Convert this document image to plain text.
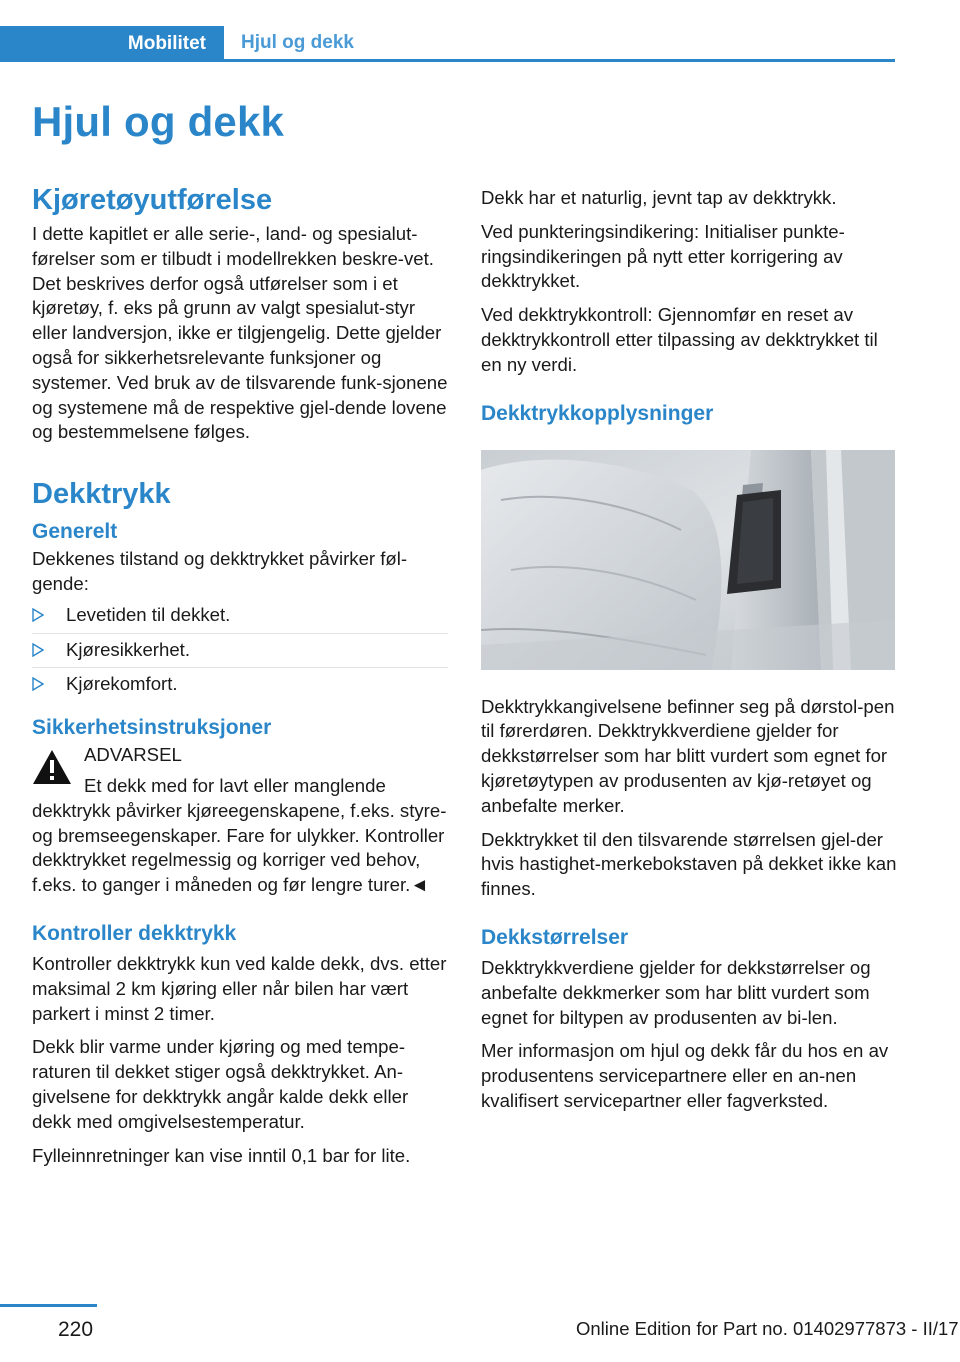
Mobilitet Hjul og dekk
Hjul og dekk
Kjøretøyutførelse

I dette kapitlet er alle serie-, land- og spesialut-førelser som er tilbudt i modellrekken beskre-vet. Det beskrives derfor også utførelser som i et kjøretøy, f. eks på grunn av valgt spesialut-styr eller landversjon, ikke er tilgjengelig. Dette gjelder også for sikkerhetsrelevante funksjoner og systemer. Ved bruk av de tilsvarende funk-sjonene og systemene må de respektive gjel-dende lovene og bestemmelsene følges.

Dekktrykk
Generelt

Dekkenes tilstand og dekktrykket påvirker føl-gende:

Levetiden til dekket.
Kjøresikkerhet.
Kjørekomfort.
Sikkerhetsinstruksjoner

ADVARSEL

Et dekk med for lavt eller manglende dekktrykk påvirker kjøreegenskapene, f.eks. styre- og bremseegenskaper. Fare for ulykker. Kontroller dekktrykket regelmessig og korriger ved behov, f.eks. to ganger i måneden og før lengre turer.◄

Kontroller dekktrykk

Kontroller dekktrykk kun ved kalde dekk, dvs. etter maksimal 2 km kjøring eller når bilen har vært parkert i minst 2 timer.

Dekk blir varme under kjøring og med tempe-raturen til dekket stiger også dekktrykket. An-givelsene for dekktrykk angår kalde dekk eller dekk med omgivelsestemperatur.

Fylleinnretninger kan vise inntil 0,1 bar for lite.

Dekk har et naturlig, jevnt tap av dekktrykk.

Ved punkteringsindikering: Initialiser punkte-ringsindikeringen på nytt etter korrigering av dekktrykket.

Ved dekktrykkontroll: Gjennomfør en reset av dekktrykkontroll etter tilpassing av dekktrykket til en ny verdi.

Dekktrykkopplysninger

Dekktrykkangivelsene befinner seg på dørstol-pen til førerdøren. Dekktrykkverdiene gjelder for dekkstørrelser som har blitt vurdert som egnet for kjøretøytypen av produsenten av kjø-retøyet og anbefalte merker.

Dekktrykket til den tilsvarende størrelsen gjel-der hvis hastighet-merkebokstaven på dekket ikke kan finnes.

Dekkstørrelser

Dekktrykkverdiene gjelder for dekkstørrelser og anbefalte dekkmerker som har blitt vurdert som egnet for biltypen av produsenten av bi-len.

Mer informasjon om hjul og dekk får du hos en av produsentens servicepartnere eller en an-nen kvalifisert servicepartner eller fagverksted.

220	Online Edition for Part no. 01402977873 - II/17
